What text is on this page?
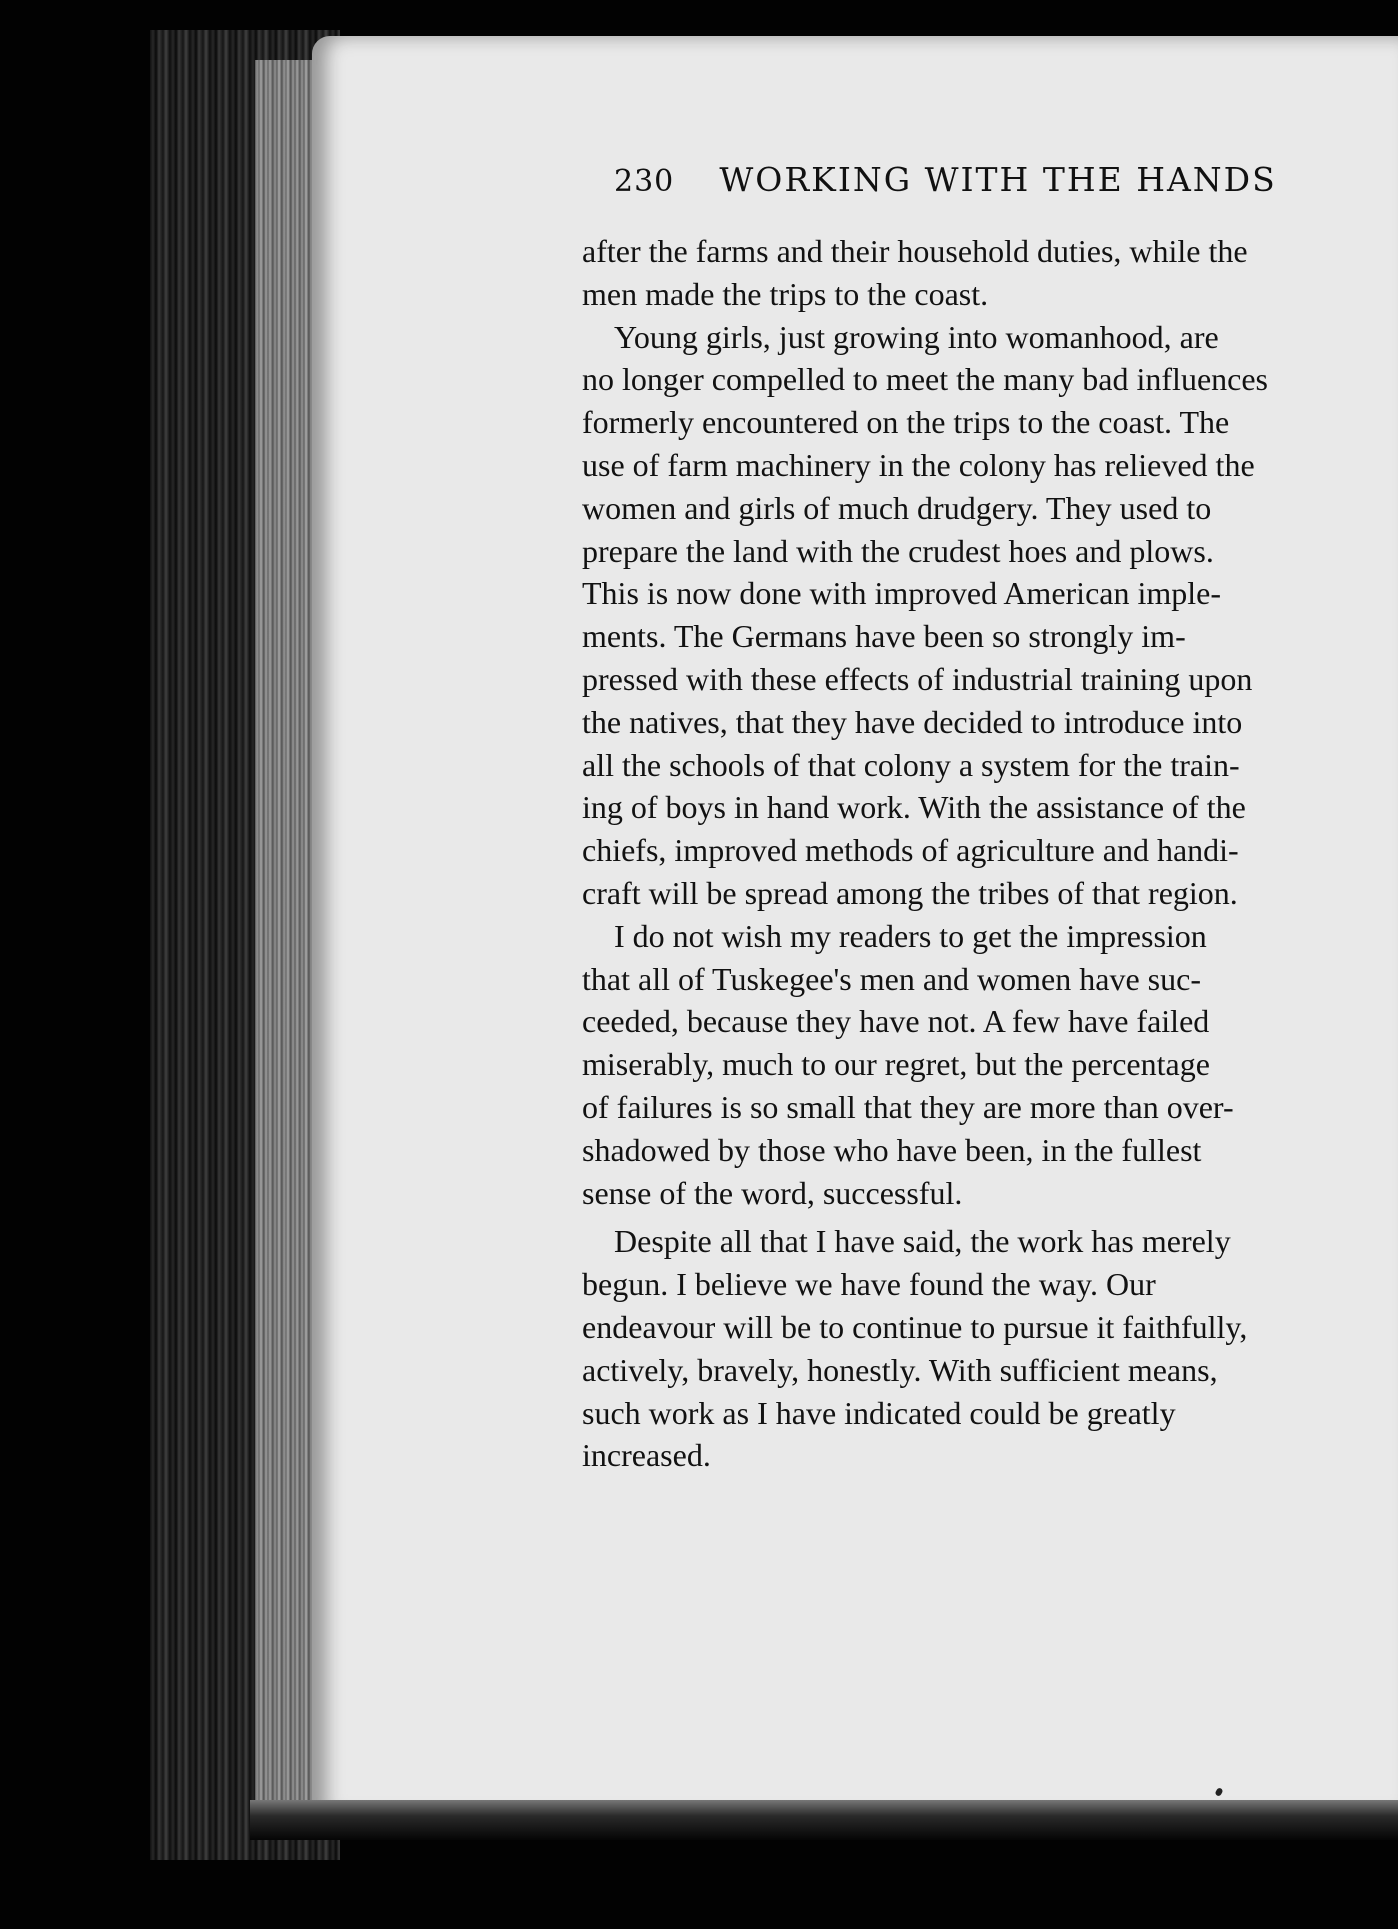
230 WORKING WITH THE HANDS
after the farms and their household duties, while the
men made the trips to the coast.
Young girls, just growing into womanhood, are
no longer compelled to meet the many bad influences
formerly encountered on the trips to the coast. The
use of farm machinery in the colony has relieved the
women and girls of much drudgery. They used to
prepare the land with the crudest hoes and plows.
This is now done with improved American imple-
ments. The Germans have been so strongly im-
pressed with these effects of industrial training upon
the natives, that they have decided to introduce into
all the schools of that colony a system for the train-
ing of boys in hand work. With the assistance of the
chiefs, improved methods of agriculture and handi-
craft will be spread among the tribes of that region.
I do not wish my readers to get the impression
that all of Tuskegee's men and women have suc-
ceeded, because they have not. A few have failed
miserably, much to our regret, but the percentage
of failures is so small that they are more than over-
shadowed by those who have been, in the fullest
sense of the word, successful.
Despite all that I have said, the work has merely
begun. I believe we have found the way. Our
endeavour will be to continue to pursue it faithfully,
actively, bravely, honestly. With sufficient means,
such work as I have indicated could be greatly
increased.
